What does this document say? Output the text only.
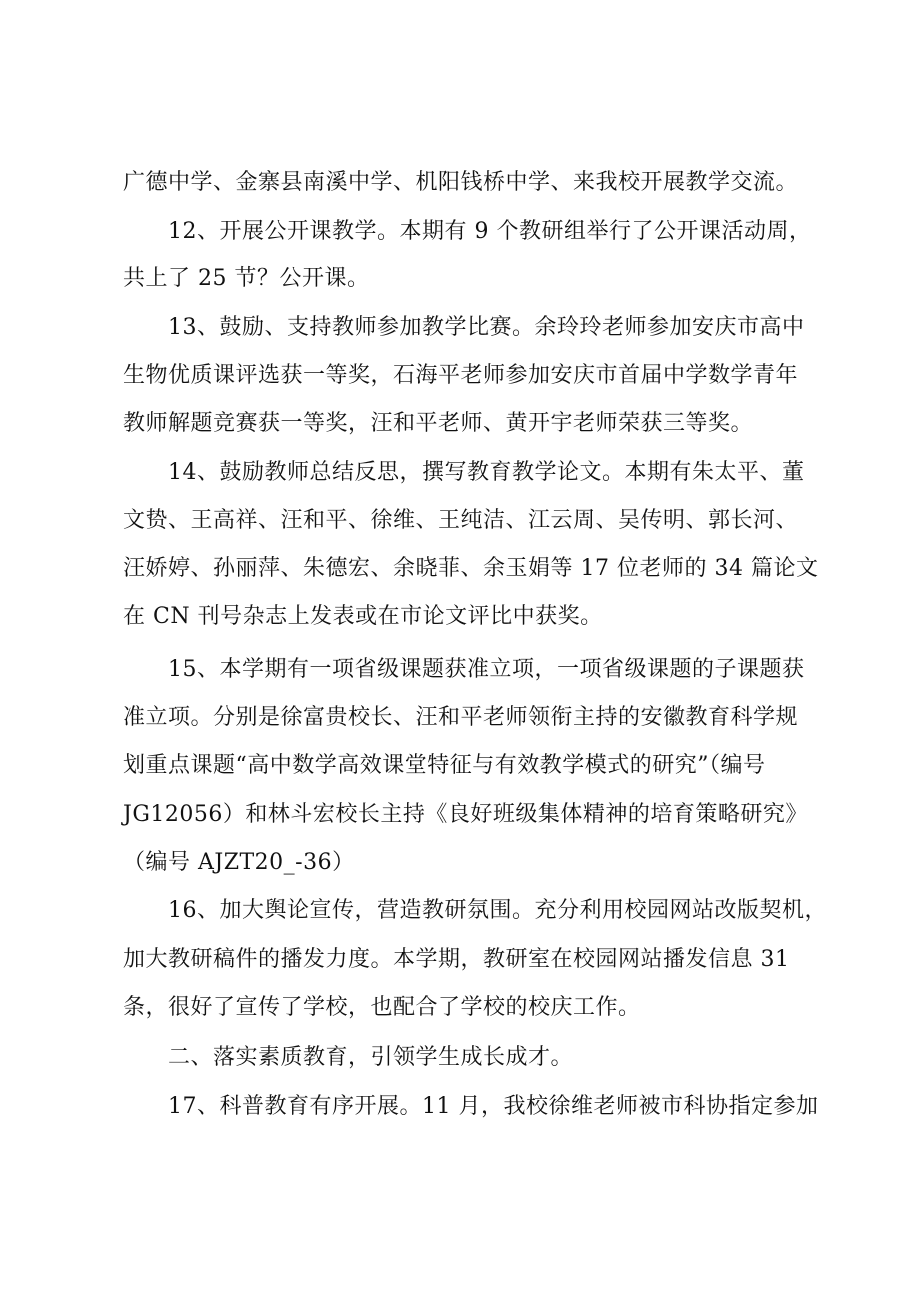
广德中学、金寨县南溪中学、机阳钱桥中学、来我校开展教学交流。
12、开展公开课教学。本期有 9 个教研组举行了公开课活动周，
共上了 25 节？公开课。
13、鼓励、支持教师参加教学比赛。余玲玲老师参加安庆市高中
生物优质课评选获一等奖，石海平老师参加安庆市首届中学数学青年
教师解题竞赛获一等奖，汪和平老师、黄开宇老师荣获三等奖。
14、鼓励教师总结反思，撰写教育教学论文。本期有朱太平、董
文贽、王高祥、汪和平、徐维、王纯洁、江云周、吴传明、郭长河、
汪娇婷、孙丽萍、朱德宏、余晓菲、余玉娟等 17 位老师的 34 篇论文
在 CN 刊号杂志上发表或在市论文评比中获奖。
15、本学期有一项省级课题获准立项，一项省级课题的子课题获
准立项。分别是徐富贵校长、汪和平老师领衔主持的安徽教育科学规
划重点课题“高中数学高效课堂特征与有效教学模式的研究”（编号
JG12056）和林斗宏校长主持《良好班级集体精神的培育策略研究》
（编号 AJZT20_-36）
16、加大舆论宣传，营造教研氛围。充分利用校园网站改版契机，
加大教研稿件的播发力度。本学期，教研室在校园网站播发信息 31
条，很好了宣传了学校，也配合了学校的校庆工作。
二、落实素质教育，引领学生成长成才。
17、科普教育有序开展。11 月，我校徐维老师被市科协指定参加
